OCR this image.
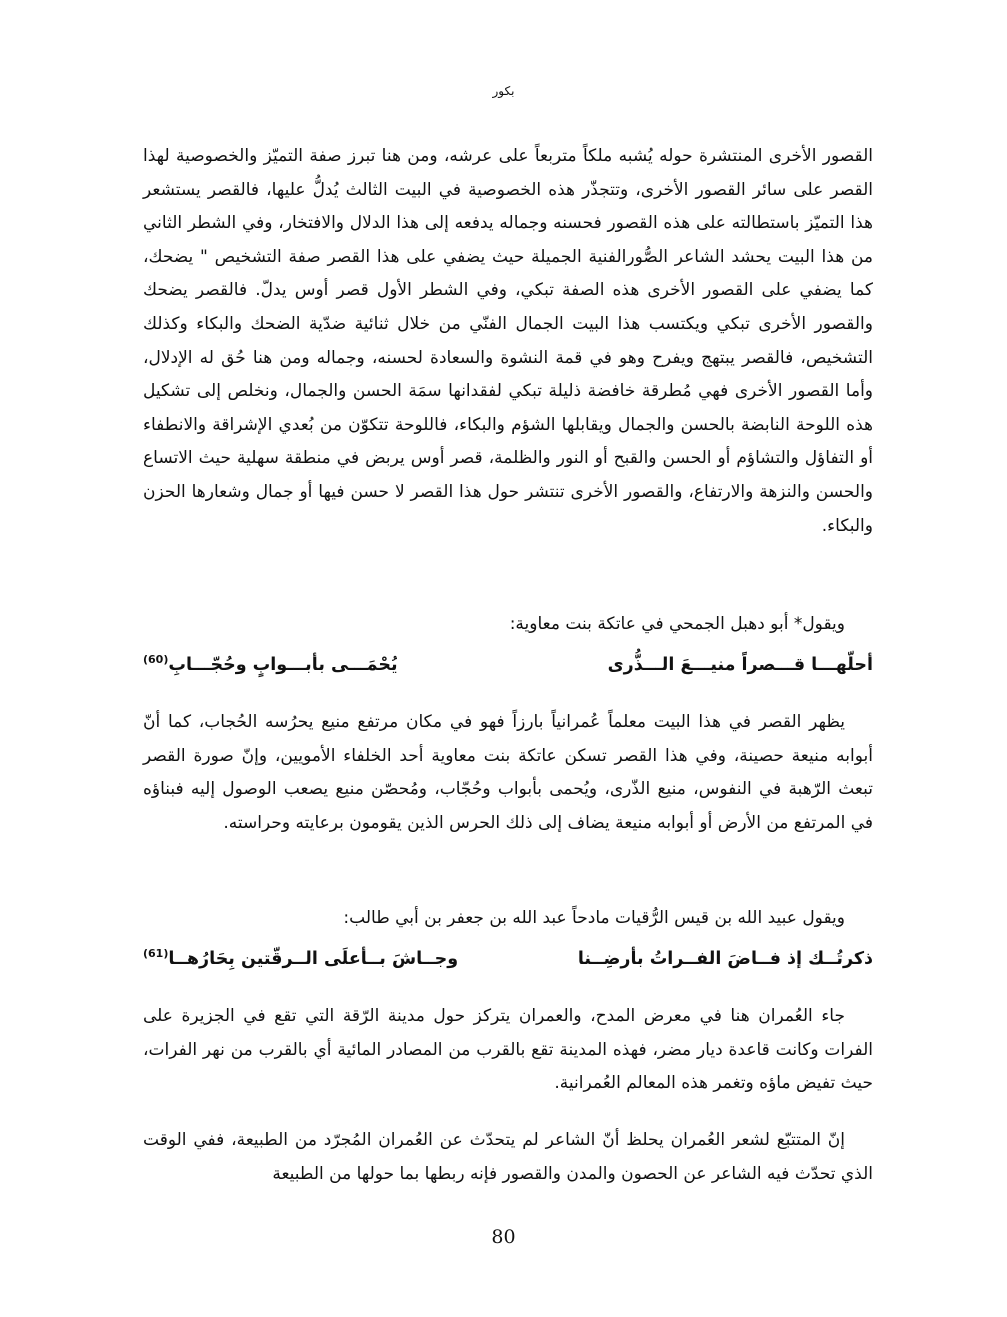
بكور

القصور الأخرى المنتشرة حوله يُشبه ملكاً متربعاً على عرشه، ومن هنا تبرز صفة التميّز والخصوصية لهذا القصر على سائر القصور الأخرى، وتتجذّر هذه الخصوصية في البيت الثالث يُدلُّ عليها، فالقصر يستشعر هذا التميّز باستطالته على هذه القصور فحسنه وجماله يدفعه إلى هذا الدلال والافتخار، وفي الشطر الثاني من هذا البيت يحشد الشاعر الصُّورالفنية الجميلة حيث يضفي على هذا القصر صفة التشخيص " يضحك، كما يضفي على القصور الأخرى هذه الصفة تبكي، وفي الشطر الأول قصر أوس يدلّ. فالقصر يضحك والقصور الأخرى تبكي ويكتسب هذا البيت الجمال الفنّي من خلال ثنائية ضدّية الضحك والبكاء وكذلك التشخيص، فالقصر يبتهج ويفرح وهو في قمة النشوة والسعادة لحسنه، وجماله ومن هنا حُق له الإدلال، وأما القصور الأخرى فهي مُطرقة خافضة ذليلة تبكي لفقدانها سمَة الحسن والجمال، ونخلص إلى تشكيل هذه اللوحة النابضة بالحسن والجمال ويقابلها الشؤم والبكاء، فاللوحة تتكوّن من بُعدي الإشراقة والانطفاء أو التفاؤل والتشاؤم أو الحسن والقبح أو النور والظلمة، قصر أوس يربض في منطقة سهلية حيث الاتساع والحسن والنزهة والارتفاع، والقصور الأخرى تنتشر حول هذا القصر لا حسن فيها أو جمال وشعارها الحزن والبكاء.

ويقول* أبو دهبل الجمحي في عاتكة بنت معاوية:

أحلّهـــا قـــصراً منيـــعَ الـــذُّرى
يُحْمَـــى بأبـــوابٍ وحُجّـــابِ$^{(60)}$

يظهر القصر في هذا البيت معلماً عُمرانياً بارزاً فهو في مكان مرتفع منيع يحرُسه الحُجاب، كما أنّ أبوابه منيعة حصينة، وفي هذا القصر تسكن عاتكة بنت معاوية أحد الخلفاء الأمويين، وإنّ صورة القصر تبعث الرّهبة في النفوس، منيع الذّرى، ويُحمى بأبواب وحُجّاب، ومُحصّن منيع يصعب الوصول إليه فبناؤه في المرتفع من الأرض أو أبوابه منيعة يضاف إلى ذلك الحرس الذين يقومون برعايته وحراسته.

ويقول عبيد الله بن قيس الرُّقيات مادحاً عبد الله بن جعفر بن أبي طالب:

ذكرتُــك إذ فــاضَ الفــراتُ بأرضِــنا
وجــاشَ بــأعلَى الــرقّتين بِحَارُهــا$^{(61)}$

جاء العُمران هنا في معرض المدح، والعمران يتركز حول مدينة الرّقة التي تقع في الجزيرة على الفرات وكانت قاعدة ديار مضر، فهذه المدينة تقع بالقرب من المصادر المائية أي بالقرب من نهر الفرات، حيث تفيض ماؤه وتغمر هذه المعالم العُمرانية.

إنّ المتتبّع لشعر العُمران يحلظ أنّ الشاعر لم يتحدّث عن العُمران المُجرّد من الطبيعة، ففي الوقت الذي تحدّث فيه الشاعر عن الحصون والمدن والقصور فإنه ربطها بما حولها من الطبيعة

80
